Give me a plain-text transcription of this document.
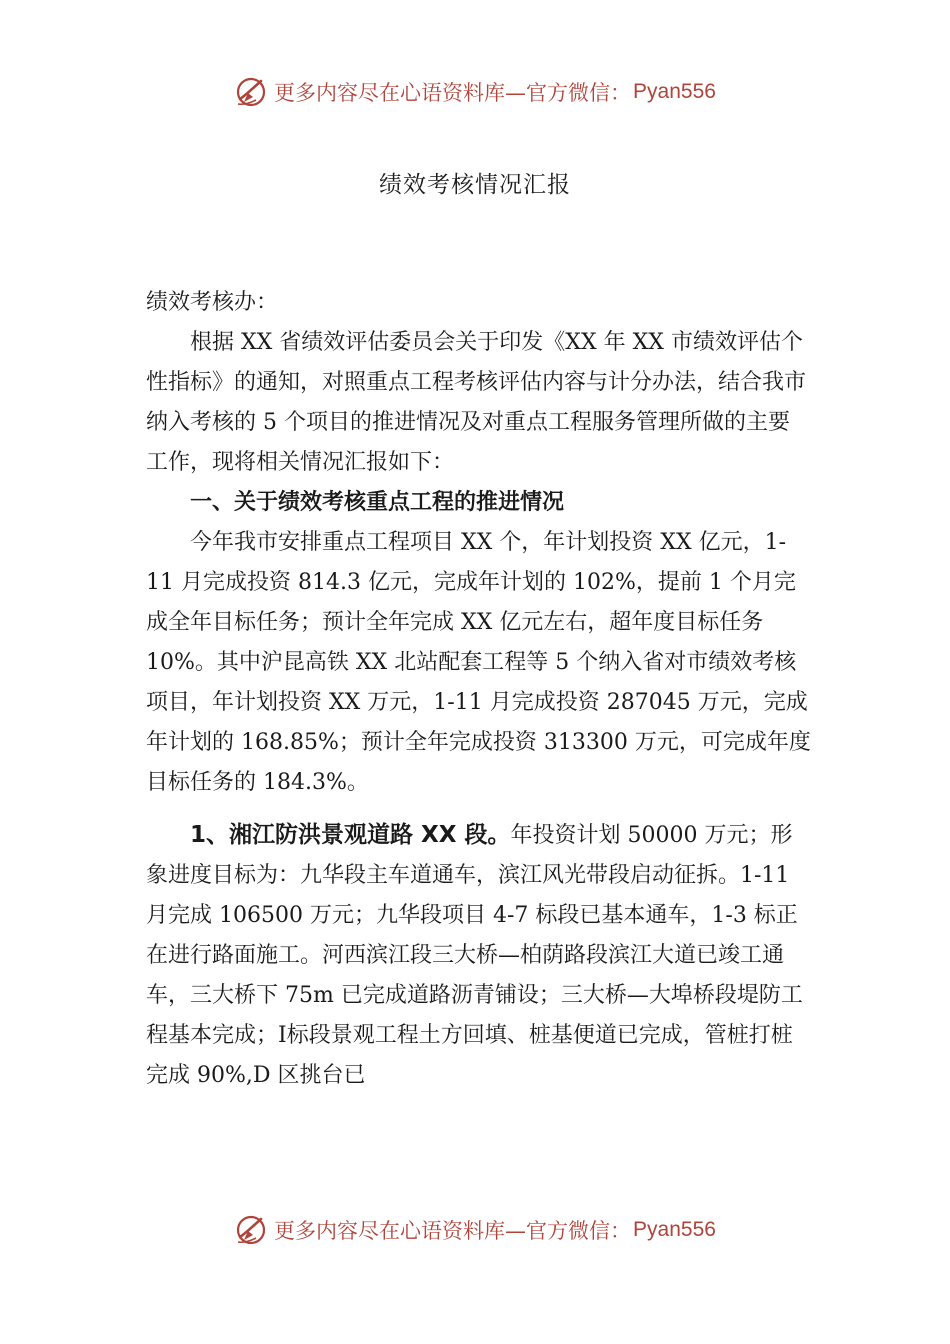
更多内容尽在心语资料库—官方微信： Pyan556
绩效考核情况汇报

绩效考核办：

根据 XX 省绩效评估委员会关于印发《XX 年 XX 市绩效评估个性指标》的通知，对照重点工程考核评估内容与计分办法，结合我市纳入考核的 5 个项目的推进情况及对重点工程服务管理所做的主要工作，现将相关情况汇报如下：

一、关于绩效考核重点工程的推进情况

今年我市安排重点工程项目 XX 个，年计划投资 XX 亿元，1-11 月完成投资 814.3 亿元，完成年计划的 102%，提前 1 个月完成全年目标任务；预计全年完成 XX 亿元左右，超年度目标任务 10%。其中沪昆高铁 XX 北站配套工程等 5 个纳入省对市绩效考核项目，年计划投资 XX 万元，1-11 月完成投资 287045 万元，完成年计划的 168.85%；预计全年完成投资 313300 万元，可完成年度目标任务的 184.3%。

1、湘江防洪景观道路 XX 段。年投资计划 50000 万元；形象进度目标为：九华段主车道通车，滨江风光带段启动征拆。1-11 月完成 106500 万元；九华段项目 4-7 标段已基本通车，1-3 标正在进行路面施工。河西滨江段三大桥—柏荫路段滨江大道已竣工通车，三大桥下 75m 已完成道路沥青铺设；三大桥—大埠桥段堤防工程基本完成；Ⅰ标段景观工程土方回填、桩基便道已完成，管桩打桩完成 90%,D 区挑台已

更多内容尽在心语资料库—官方微信： Pyan556
